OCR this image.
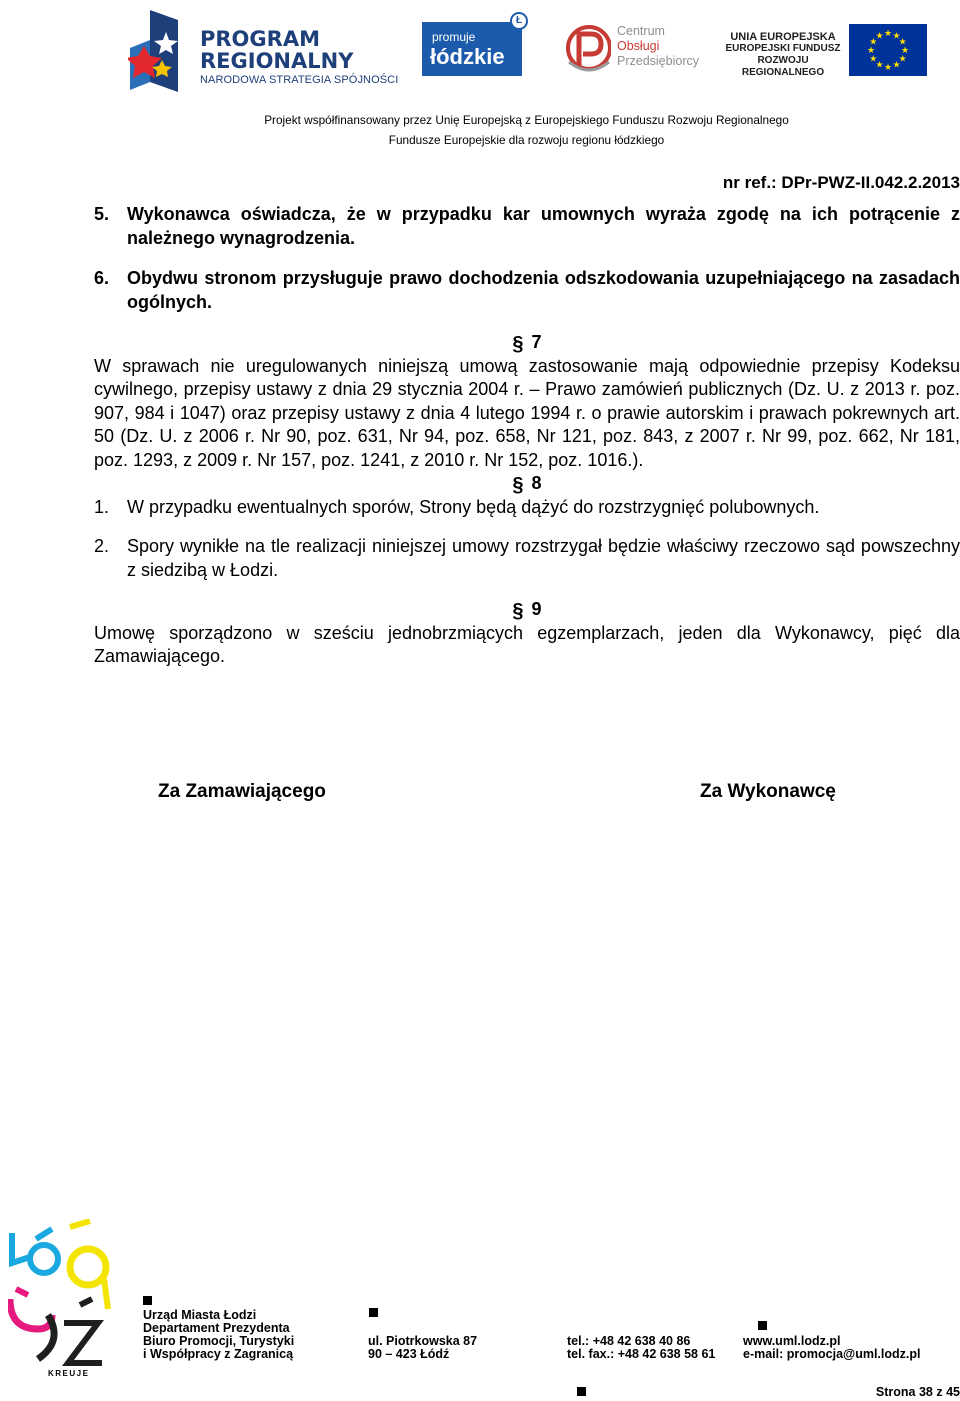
PROGRAM
REGIONALNY
NARODOWA STRATEGIA SPÓJNOŚCI
promuje
łódzkie
Ł
Centrum
Obsługi
Przedsiębiorcy
UNIA EUROPEJSKA
EUROPEJSKI FUNDUSZ
ROZWOJU REGIONALNEGO
★ ★
★
★
★
★
★
★
★
★
★
★
Projekt współfinansowany przez Unię Europejską z Europejskiego Funduszu Rozwoju Regionalnego
Fundusze Europejskie dla rozwoju regionu łódzkiego
nr ref.: DPr-PWZ-II.042.2.2013
5. Wykonawca oświadcza, że w przypadku kar umownych wyraża zgodę na ich potrącenie z należnego wynagrodzenia.
6. Obydwu stronom przysługuje prawo dochodzenia odszkodowania uzupełniającego na zasadach ogólnych.
§ 7
W sprawach nie uregulowanych niniejszą umową zastosowanie mają odpowiednie przepisy Kodeksu cywilnego, przepisy ustawy z dnia 29 stycznia 2004 r. – Prawo zamówień publicznych (Dz. U. z 2013 r. poz. 907, 984 i 1047) oraz przepisy ustawy z dnia 4 lutego 1994 r. o prawie autorskim i prawach pokrewnych art. 50 (Dz. U. z 2006 r. Nr 90, poz. 631, Nr 94, poz. 658, Nr 121, poz. 843, z 2007 r. Nr 99, poz. 662, Nr 181, poz. 1293, z 2009 r. Nr 157, poz. 1241, z 2010 r. Nr 152, poz. 1016.).
§ 8
1. W przypadku ewentualnych sporów, Strony będą dążyć do rozstrzygnięć polubownych.
2. Spory wynikłe na tle realizacji niniejszej umowy rozstrzygał będzie właściwy rzeczowo sąd powszechny z siedzibą w Łodzi.
§ 9
Umowę sporządzono w sześciu jednobrzmiących egzemplarzach, jeden dla Wykonawcy, pięć dla Zamawiającego.
Za Zamawiającego	Za Wykonawcę
KREUJE
Urząd Miasta Łodzi
Departament Prezydenta
Biuro Promocji, Turystyki
i Współpracy z Zagranicą
ul. Piotrkowska 87
90 – 423 Łódź
tel.: +48 42 638 40 86
tel. fax.: +48 42 638 58 61
www.uml.lodz.pl
e-mail: promocja@uml.lodz.pl
Strona 38 z 45
